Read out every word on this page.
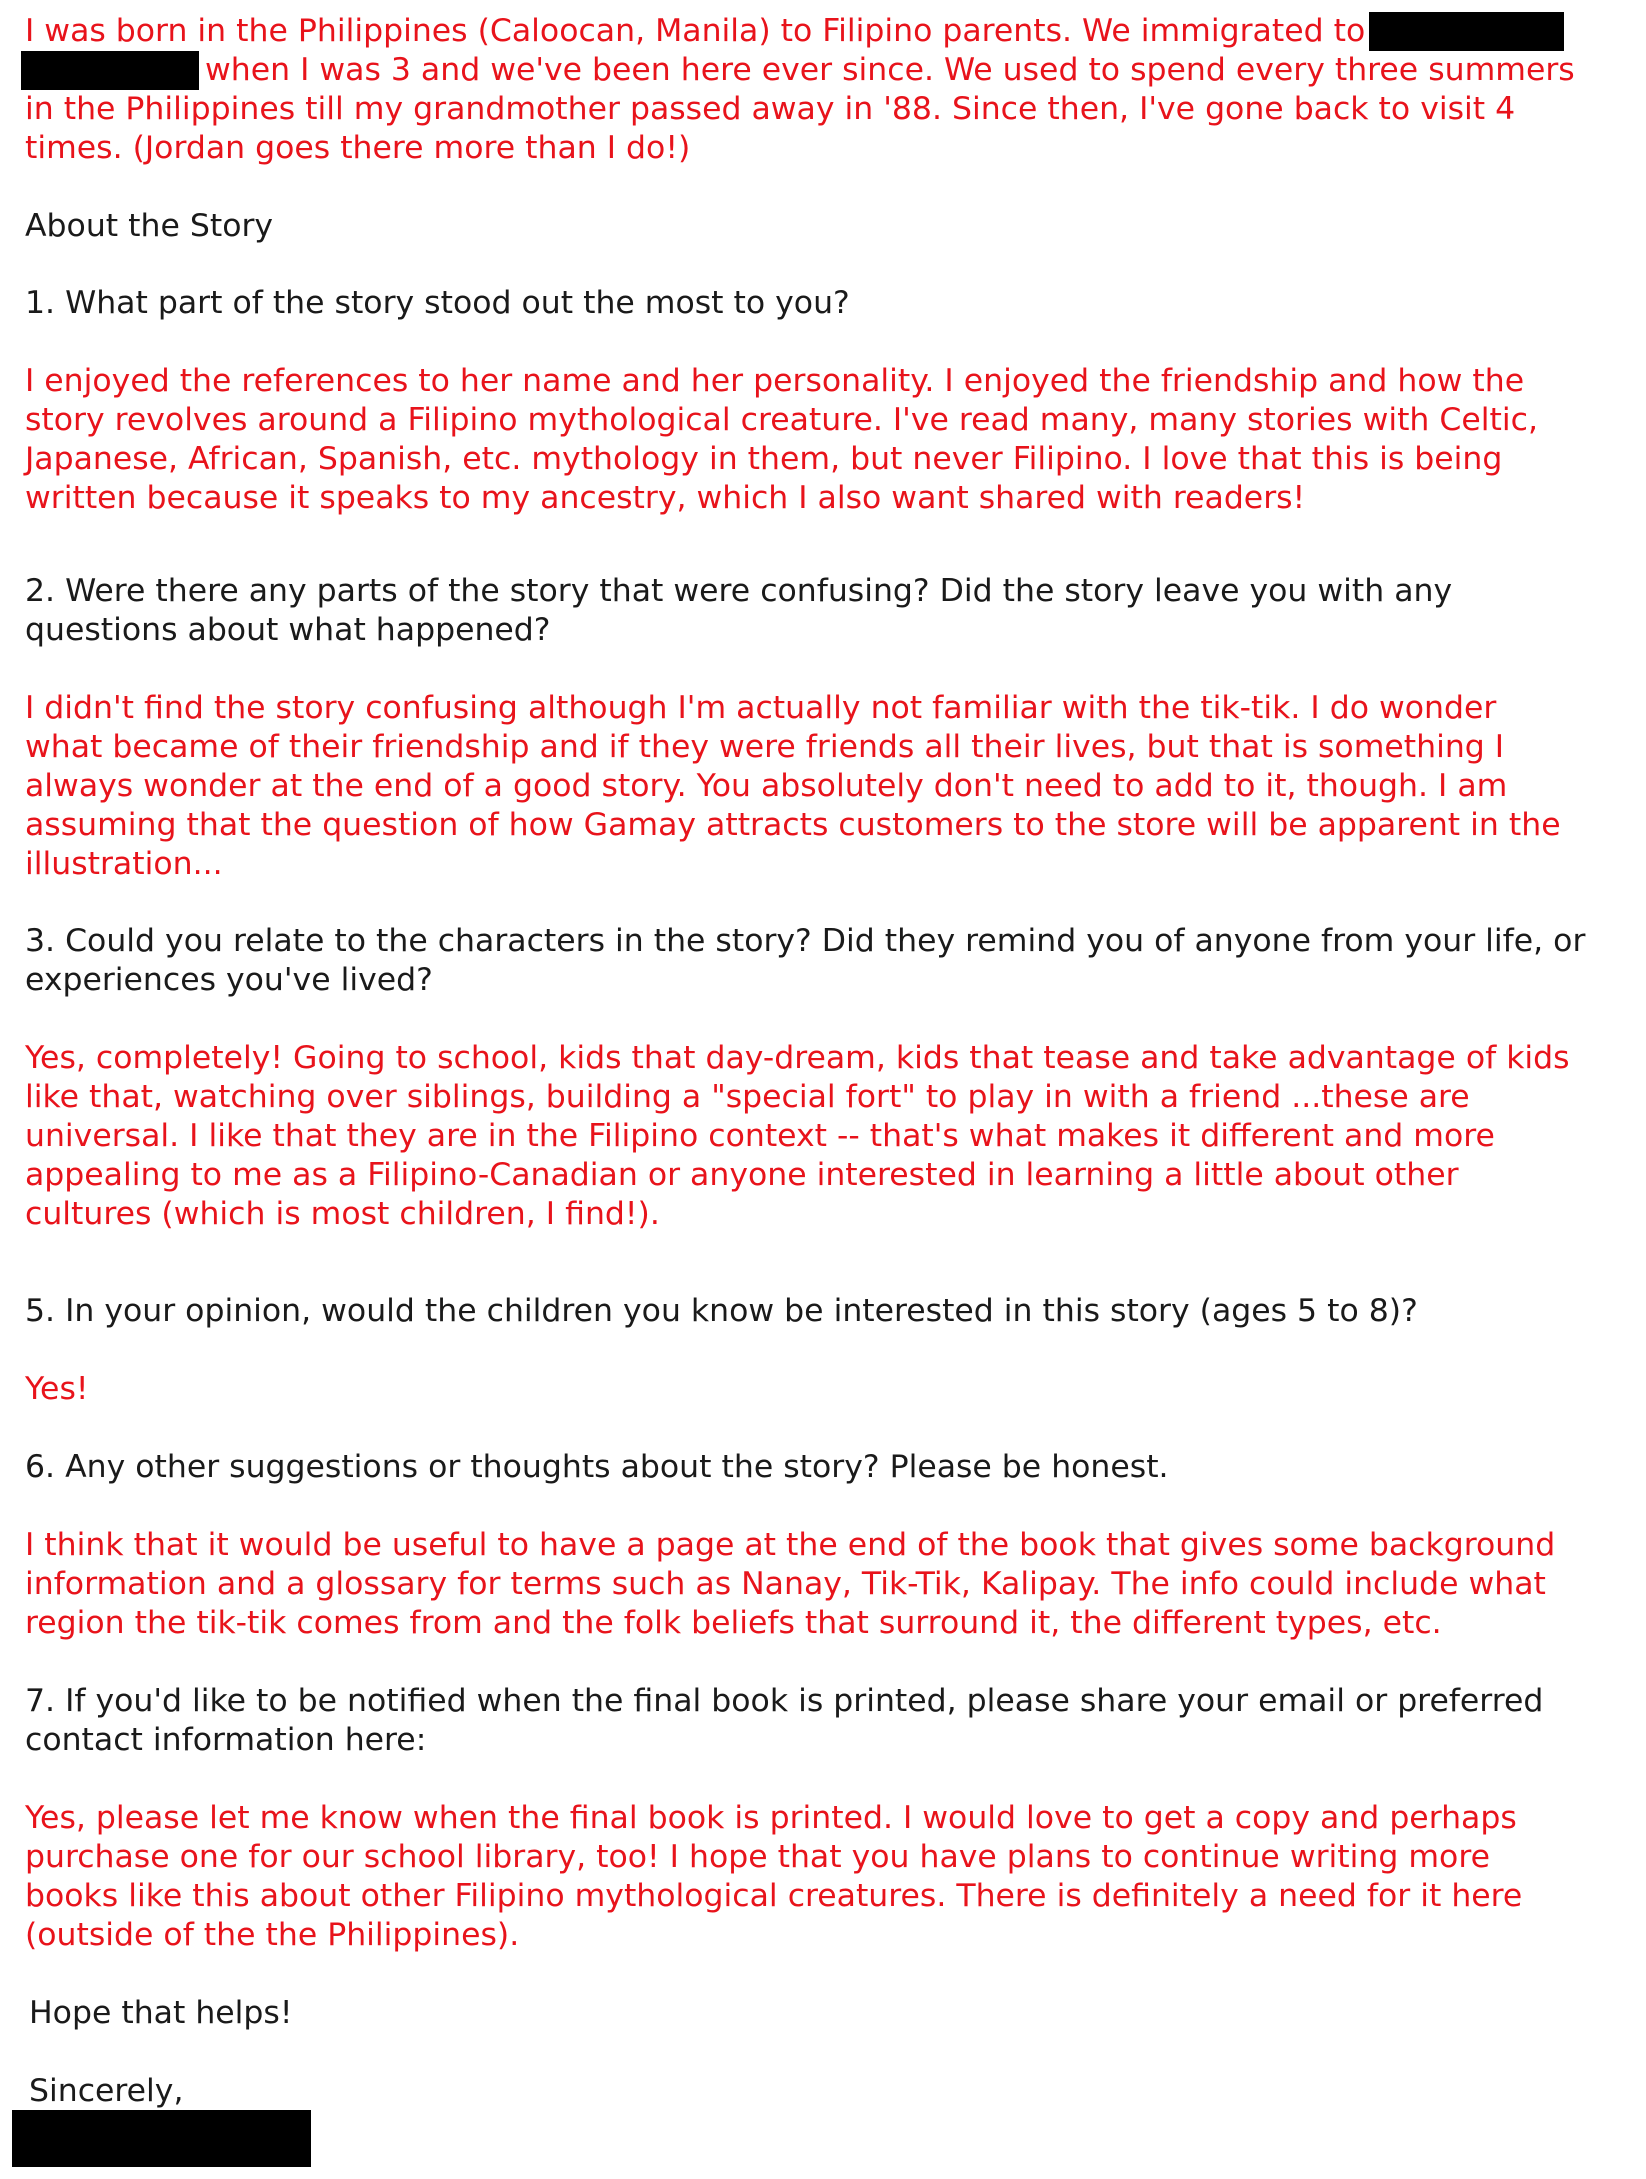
I was born in the Philippines (Caloocan, Manila) to Filipino parents. We immigrated to
when I was 3 and we've been here ever since. We used to spend every three summers
in the Philippines till my grandmother passed away in '88. Since then, I've gone back to visit 4
times. (Jordan goes there more than I do!)
About the Story
1. What part of the story stood out the most to you?
I enjoyed the references to her name and her personality. I enjoyed the friendship and how the
story revolves around a Filipino mythological creature. I've read many, many stories with Celtic,
Japanese, African, Spanish, etc. mythology in them, but never Filipino. I love that this is being
written because it speaks to my ancestry, which I also want shared with readers!
2. Were there any parts of the story that were confusing? Did the story leave you with any
questions about what happened?
I didn't find the story confusing although I'm actually not familiar with the tik-tik. I do wonder
what became of their friendship and if they were friends all their lives, but that is something I
always wonder at the end of a good story. You absolutely don't need to add to it, though. I am
assuming that the question of how Gamay attracts customers to the store will be apparent in the
illustration...
3. Could you relate to the characters in the story? Did they remind you of anyone from your life, or
experiences you've lived?
Yes, completely! Going to school, kids that day-dream, kids that tease and take advantage of kids
like that, watching over siblings, building a "special fort" to play in with a friend ...these are
universal. I like that they are in the Filipino context -- that's what makes it different and more
appealing to me as a Filipino-Canadian or anyone interested in learning a little about other
cultures (which is most children, I find!).
5. In your opinion, would the children you know be interested in this story (ages 5 to 8)?
Yes!
6. Any other suggestions or thoughts about the story? Please be honest.
I think that it would be useful to have a page at the end of the book that gives some background
information and a glossary for terms such as Nanay, Tik-Tik, Kalipay. The info could include what
region the tik-tik comes from and the folk beliefs that surround it, the different types, etc.
7. If you'd like to be notified when the final book is printed, please share your email or preferred
contact information here:
Yes, please let me know when the final book is printed. I would love to get a copy and perhaps
purchase one for our school library, too! I hope that you have plans to continue writing more
books like this about other Filipino mythological creatures. There is definitely a need for it here
(outside of the the Philippines).
Hope that helps!
Sincerely,
